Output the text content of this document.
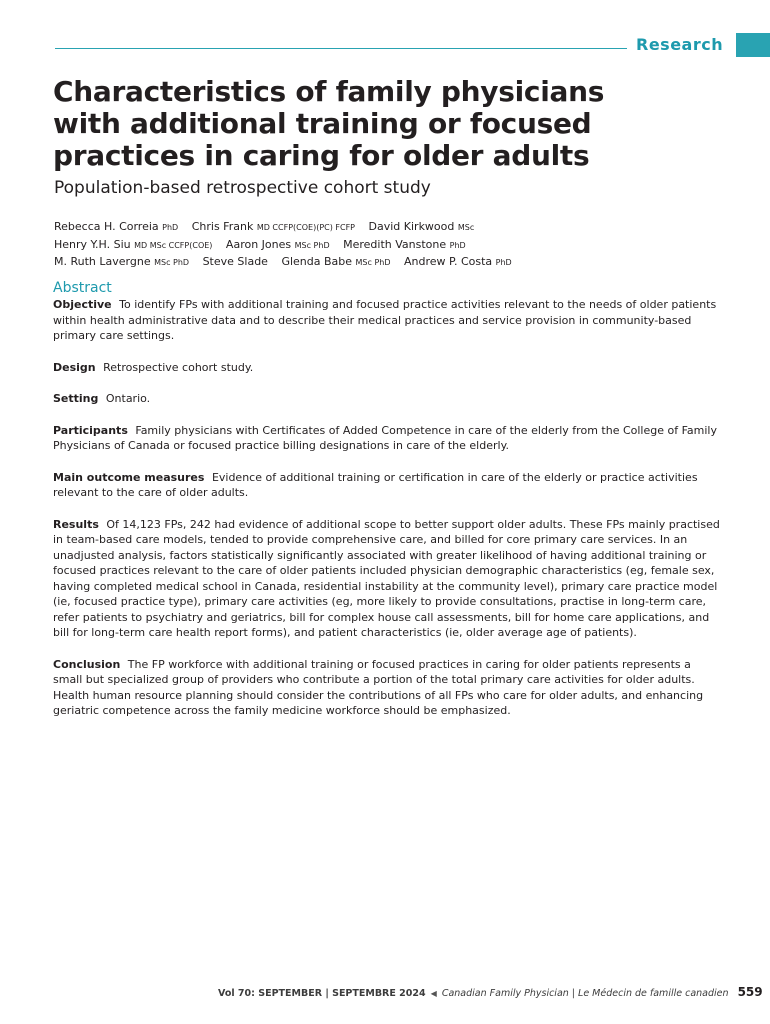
Research
Characteristics of family physicians with additional training or focused practices in caring for older adults
Population-based retrospective cohort study
Rebecca H. Correia PhD Chris Frank MD CCFP(COE)(PC) FCFP David Kirkwood MSc
Henry Y.H. Siu MD MSc CCFP(COE) Aaron Jones MSc PhD Meredith Vanstone PhD
M. Ruth Lavergne MSc PhD Steve Slade Glenda Babe MSc PhD Andrew P. Costa PhD
Abstract

Objective To identify FPs with additional training and focused practice activities relevant to the needs of older patients within health administrative data and to describe their medical practices and service provision in community-based primary care settings.

Design Retrospective cohort study.

Setting Ontario.

Participants Family physicians with Certificates of Added Competence in care of the elderly from the College of Family Physicians of Canada or focused practice billing designations in care of the elderly.

Main outcome measures Evidence of additional training or certification in care of the elderly or practice activities relevant to the care of older adults.

Results Of 14,123 FPs, 242 had evidence of additional scope to better support older adults. These FPs mainly practised in team-based care models, tended to provide comprehensive care, and billed for core primary care services. In an unadjusted analysis, factors statistically significantly associated with greater likelihood of having additional training or focused practices relevant to the care of older patients included physician demographic characteristics (eg, female sex, having completed medical school in Canada, residential instability at the community level), primary care practice model (ie, focused practice type), primary care activities (eg, more likely to provide consultations, practise in long-term care, refer patients to psychiatry and geriatrics, bill for complex house call assessments, bill for home care applications, and bill for long-term care health report forms), and patient characteristics (ie, older average age of patients).

Conclusion The FP workforce with additional training or focused practices in caring for older patients represents a small but specialized group of providers who contribute a portion of the total primary care activities for older adults. Health human resource planning should consider the contributions of all FPs who care for older adults, and enhancing geriatric competence across the family medicine workforce should be emphasized.

Vol 70: SEPTEMBER | SEPTEMBRE 2024 ◀ Canadian Family Physician | Le Médecin de famille canadien 559
